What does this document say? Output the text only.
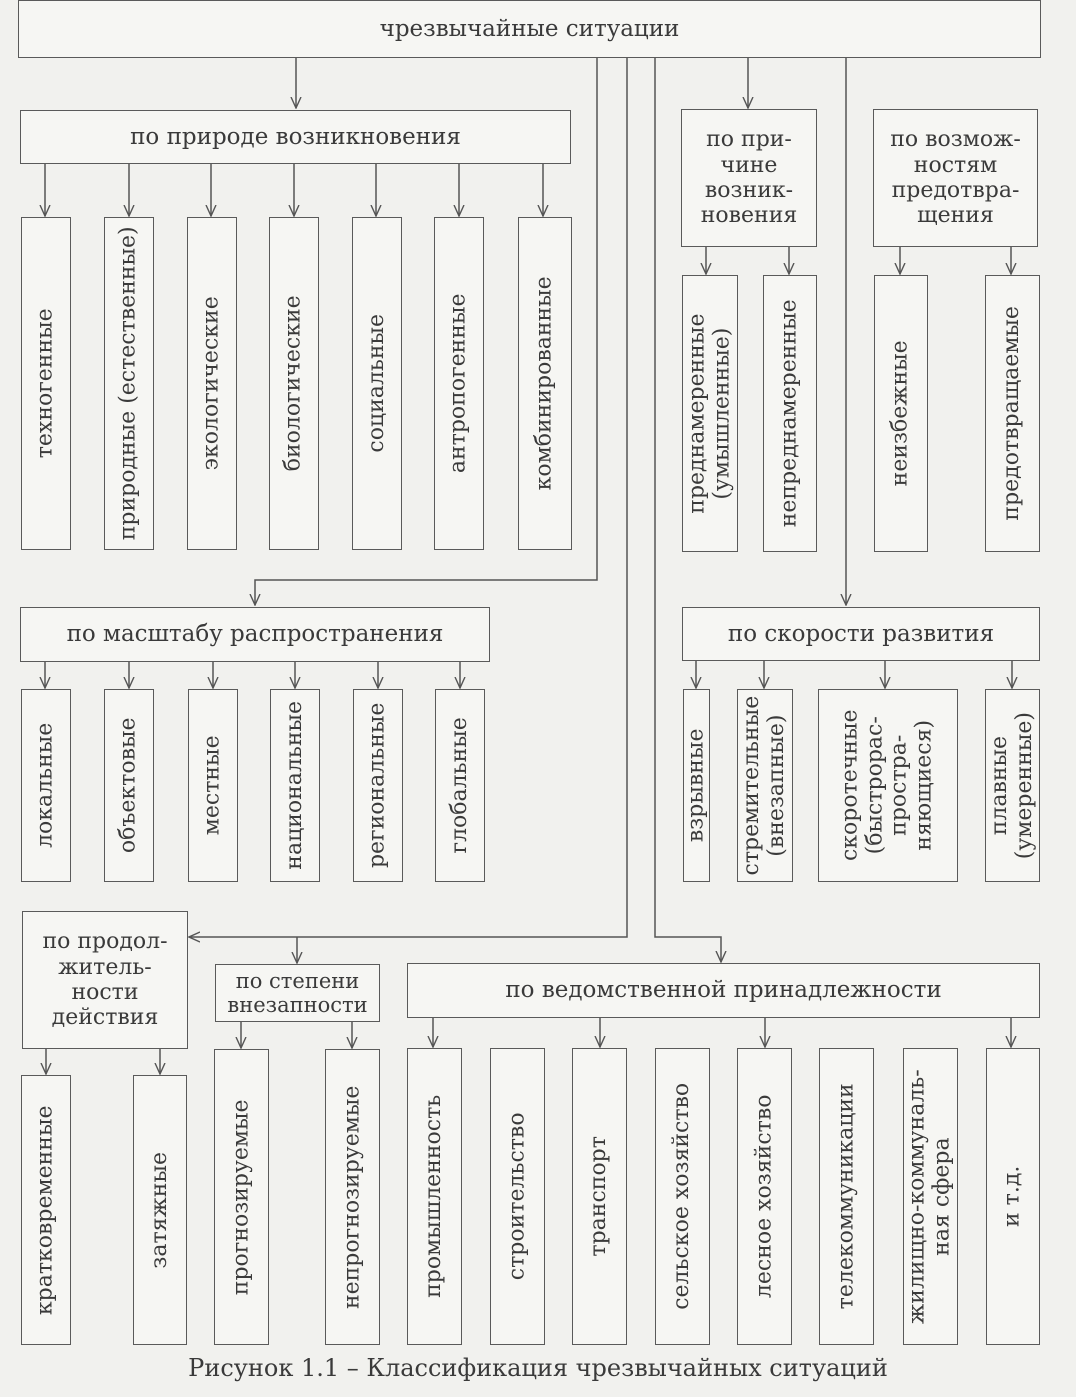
чрезвычайные ситуации
по природе возникновения
техногенные	природные (естественные)	экологические	биологические	социальные	антропогенные	комбинированные
по при-
чине
возник-
новения
преднамеренные
(умышленные) непреднамеренные
по возмож-
ностям
предотвра-
щения
неизбежные	предотвращаемые
по масштабу распространения
локальные	объектовые	местные	национальные	региональные	глобальные
по скорости развития
взрывные стремительные
(внезапные) скоротечные
(быстрорас-
простра-
няющиеся) плавные
(умеренные)
по продол-
житель-
ности
действия
кратковременные	затяжные
по степени
внезапности
прогнозируемые	непрогнозируемые
по ведомственной принадлежности
промышленность	строительство	транспорт	сельское хозяйство	лесное хозяйство	телекоммуникации жилищно-коммуналь-
ная сфера и т.д.
Рисунок 1.1 – Классификация чрезвычайных ситуаций
